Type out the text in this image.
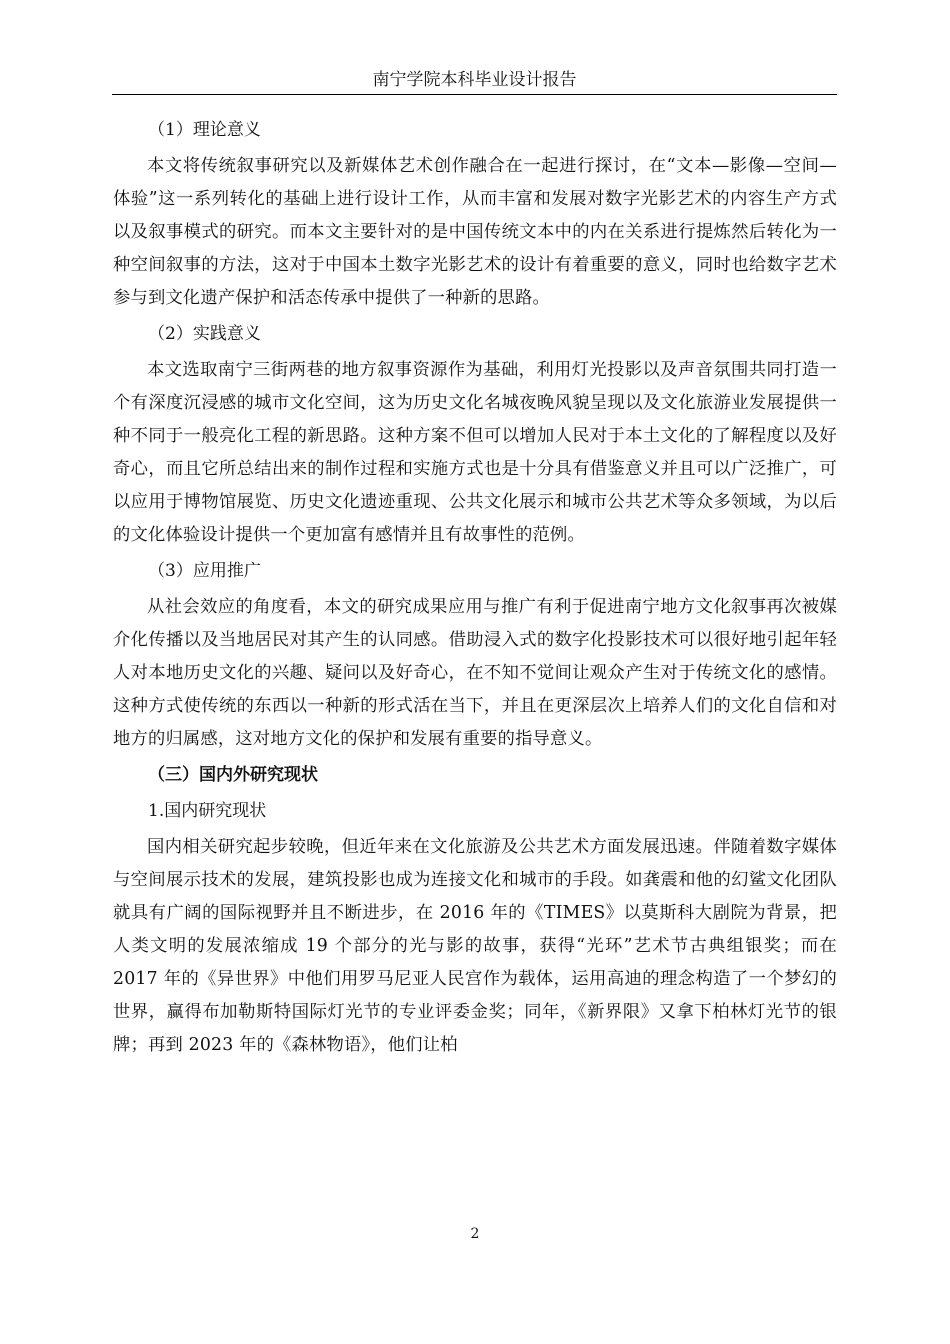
南宁学院本科毕业设计报告
（1）理论意义

本文将传统叙事研究以及新媒体艺术创作融合在一起进行探讨，在“文本—影像—空间—体验”这一系列转化的基础上进行设计工作，从而丰富和发展对数字光影艺术的内容生产方式以及叙事模式的研究。而本文主要针对的是中国传统文本中的内在关系进行提炼然后转化为一种空间叙事的方法，这对于中国本土数字光影艺术的设计有着重要的意义，同时也给数字艺术参与到文化遗产保护和活态传承中提供了一种新的思路。

（2）实践意义

本文选取南宁三街两巷的地方叙事资源作为基础，利用灯光投影以及声音氛围共同打造一个有深度沉浸感的城市文化空间，这为历史文化名城夜晚风貌呈现以及文化旅游业发展提供一种不同于一般亮化工程的新思路。这种方案不但可以增加人民对于本土文化的了解程度以及好奇心，而且它所总结出来的制作过程和实施方式也是十分具有借鉴意义并且可以广泛推广，可以应用于博物馆展览、历史文化遗迹重现、公共文化展示和城市公共艺术等众多领域，为以后的文化体验设计提供一个更加富有感情并且有故事性的范例。

（3）应用推广

从社会效应的角度看，本文的研究成果应用与推广有利于促进南宁地方文化叙事再次被媒介化传播以及当地居民对其产生的认同感。借助浸入式的数字化投影技术可以很好地引起年轻人对本地历史文化的兴趣、疑问以及好奇心，在不知不觉间让观众产生对于传统文化的感情。这种方式使传统的东西以一种新的形式活在当下，并且在更深层次上培养人们的文化自信和对地方的归属感，这对地方文化的保护和发展有重要的指导意义。

（三）国内外研究现状
1.国内研究现状

国内相关研究起步较晚，但近年来在文化旅游及公共艺术方面发展迅速。伴随着数字媒体与空间展示技术的发展，建筑投影也成为连接文化和城市的手段。如龚震和他的幻鲨文化团队就具有广阔的国际视野并且不断进步，在 2016 年的《TIMES》以莫斯科大剧院为背景，把人类文明的发展浓缩成 19 个部分的光与影的故事，获得“光环”艺术节古典组银奖；而在 2017 年的《异世界》中他们用罗马尼亚人民宫作为载体，运用高迪的理念构造了一个梦幻的世界，赢得布加勒斯特国际灯光节的专业评委金奖；同年，《新界限》又拿下柏林灯光节的银牌；再到 2023 年的《森林物语》，他们让柏

2
